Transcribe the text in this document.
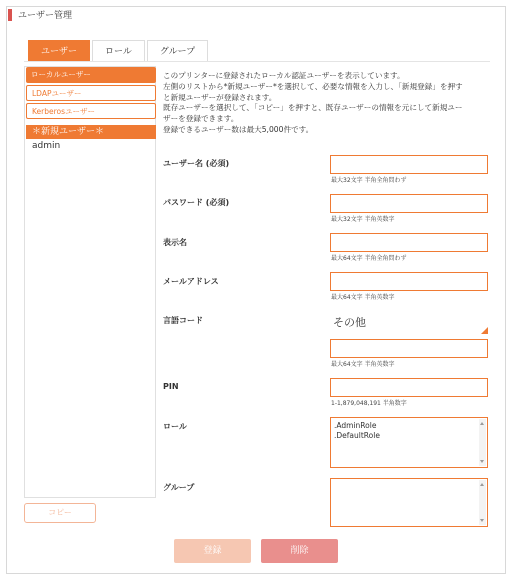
ユーザー管理
ユーザー	ロール	グループ
ローカルユーザー
LDAPユーザー
Kerberosユーザー
＊新規ユーザー＊
admin
コピー
このプリンターに登録されたローカル認証ユーザーを表示しています。
左側のリストから*新規ユーザー*を選択して、必要な情報を入力し、「新規登録」を押す
と新規ユーザーが登録されます。
既存ユーザーを選択して、「コピー」を押すと、既存ユーザーの情報を元にして新規ユー
ザーを登録できます。
登録できるユーザー数は最大5,000件です。
ユーザー名 (必須)
最大32文字 半角全角問わず
パスワード (必須)
最大32文字 半角英数字
表示名
最大64文字 半角全角問わず
メールアドレス
最大64文字 半角英数字
言語コード	その他
最大64文字 半角英数字
PIN
1-1,879,048,191 半角数字
ロール	.AdminRole
.DefaultRole
グループ
登録	削除
